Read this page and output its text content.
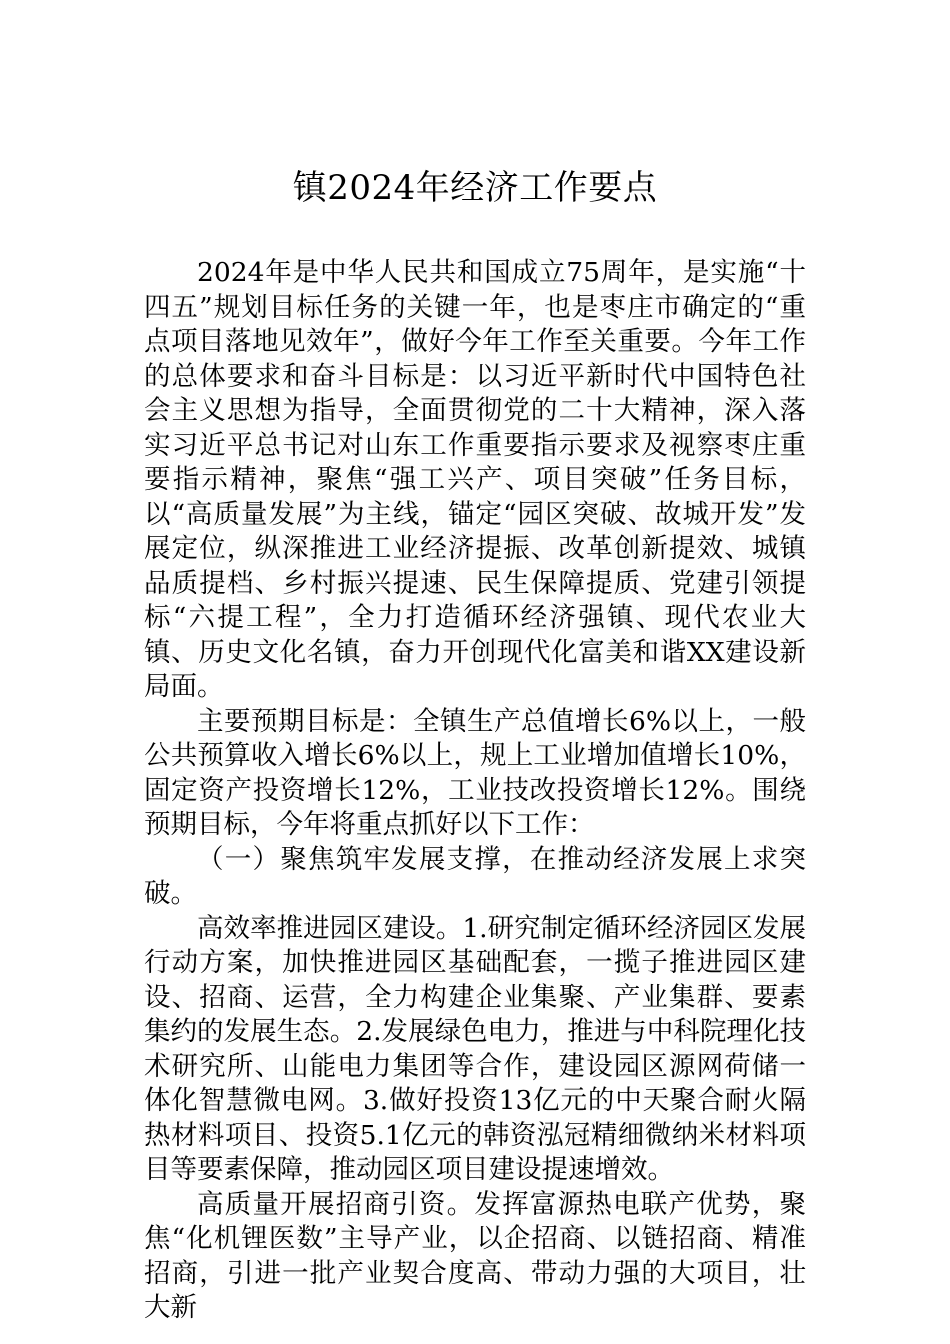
镇2024年经济工作要点

2024年是中华人民共和国成立75周年，是实施“十四五”规划目标任务的关键一年，也是枣庄市确定的“重点项目落地见效年”，做好今年工作至关重要。今年工作的总体要求和奋斗目标是：以习近平新时代中国特色社会主义思想为指导，全面贯彻党的二十大精神，深入落实习近平总书记对山东工作重要指示要求及视察枣庄重要指示精神，聚焦“强工兴产、项目突破”任务目标，以“高质量发展”为主线，锚定“园区突破、故城开发”发展定位，纵深推进工业经济提振、改革创新提效、城镇品质提档、乡村振兴提速、民生保障提质、党建引领提标“六提工程”，全力打造循环经济强镇、现代农业大镇、历史文化名镇，奋力开创现代化富美和谐XX建设新局面。

主要预期目标是：全镇生产总值增长6%以上，一般公共预算收入增长6%以上，规上工业增加值增长10%，固定资产投资增长12%，工业技改投资增长12%。围绕预期目标，今年将重点抓好以下工作：

（一）聚焦筑牢发展支撑，在推动经济发展上求突破。

高效率推进园区建设。1.研究制定循环经济园区发展行动方案，加快推进园区基础配套，一揽子推进园区建设、招商、运营，全力构建企业集聚、产业集群、要素集约的发展生态。2.发展绿色电力，推进与中科院理化技术研究所、山能电力集团等合作，建设园区源网荷储一体化智慧微电网。3.做好投资13亿元的中天聚合耐火隔热材料项目、投资5.1亿元的韩资泓冠精细微纳米材料项目等要素保障，推动园区项目建设提速增效。

高质量开展招商引资。发挥富源热电联产优势，聚焦“化机锂医数”主导产业，以企招商、以链招商、精准招商，引进一批产业契合度高、带动力强的大项目，壮大新
